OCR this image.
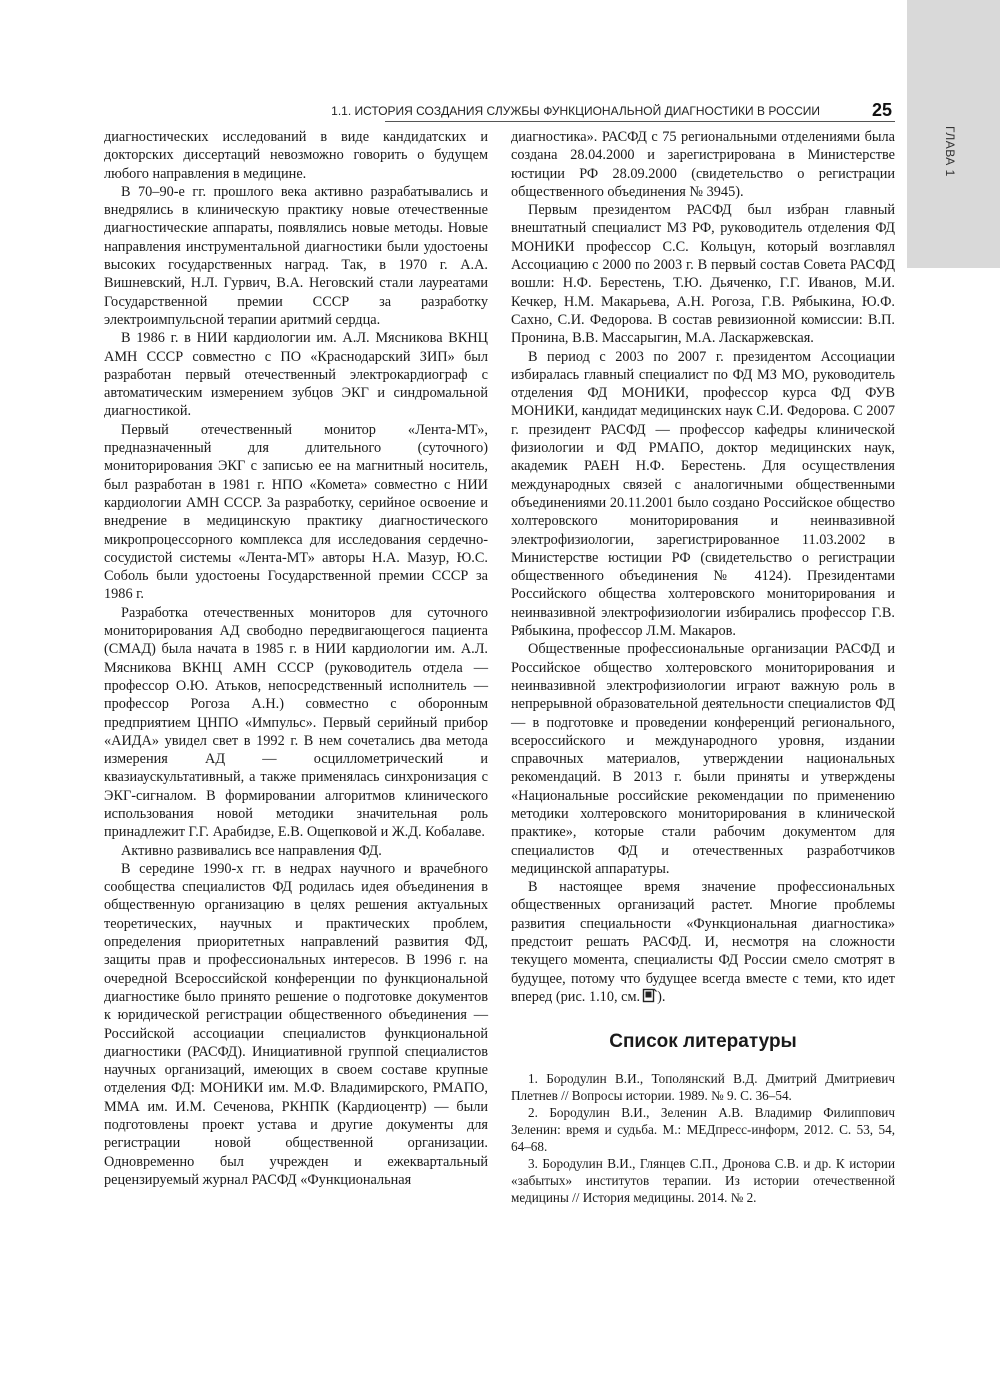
ГЛАВА 1
1.1. ИСТОРИЯ СОЗДАНИЯ СЛУЖБЫ ФУНКЦИОНАЛЬНОЙ ДИАГНОСТИКИ В РОССИИ	25

диагностических исследований в виде кандидатских и докторских диссертаций невозможно говорить о будущем любого направления в медицине.

В 70–90-е гг. прошлого века активно разрабатывались и внедрялись в клиническую практику новые отечественные диагностические аппараты, появлялись новые методы. Новые направления инструментальной диагностики были удостоены высоких государственных наград. Так, в 1970 г. А.А. Вишневский, Н.Л. Гурвич, В.А. Неговский стали лауреатами Государственной премии СССР за разработку электроимпульсной терапии аритмий сердца.

В 1986 г. в НИИ кардиологии им. А.Л. Мясникова ВКНЦ АМН СССР совместно с ПО «Краснодарский ЗИП» был разработан первый отечественный электрокардиограф с автоматическим измерением зубцов ЭКГ и синдромальной диагностикой.

Первый отечественный монитор «Лента-МТ», предназначенный для длительного (суточного) мониторирования ЭКГ с записью ее на магнитный носитель, был разработан в 1981 г. НПО «Комета» совместно с НИИ кардиологии АМН СССР. За разработку, серийное освоение и внедрение в медицинскую практику диагностического микропроцессорного комплекса для исследования сердечно-сосудистой системы «Лента-МТ» авторы Н.А. Мазур, Ю.С. Соболь были удостоены Государственной премии СССР за 1986 г.

Разработка отечественных мониторов для суточного мониторирования АД свободно передвигающегося пациента (СМАД) была начата в 1985 г. в НИИ кардиологии им. А.Л. Мясникова ВКНЦ АМН СССР (руководитель отдела — профессор О.Ю. Атьков, непосредственный исполнитель — профессор Рогоза А.Н.) совместно с оборонным предприятием ЦНПО «Импульс». Первый серийный прибор «АИДА» увидел свет в 1992 г. В нем сочетались два метода измерения АД — осциллометрический и квазиаускультативный, а также применялась синхронизация с ЭКГ-сигналом. В формировании алгоритмов клинического использования новой методики значительная роль принадлежит Г.Г. Арабидзе, Е.В. Ощепковой и Ж.Д. Кобалаве.

Активно развивались все направления ФД.

В середине 1990-х гг. в недрах научного и врачебного сообщества специалистов ФД родилась идея объединения в общественную организацию в целях решения актуальных теоретических, научных и практических проблем, определения приоритетных направлений развития ФД, защиты прав и профессиональных интересов. В 1996 г. на очередной Всероссийской конференции по функциональной диагностике было принято решение о подготовке документов к юридической регистрации общественного объединения — Российской ассоциации специалистов функциональной диагностики (РАСФД). Инициативной группой специалистов научных организаций, имеющих в своем составе крупные отделения ФД: МОНИКИ им. М.Ф. Владимирского, РМАПО, ММА им. И.М. Сеченова, РКНПК (Кардиоцентр) — были подготовлены проект устава и другие документы для регистрации новой общественной организации. Одновременно был учрежден и ежеквартальный рецензируемый журнал РАСФД «Функциональная

диагностика». РАСФД с 75 региональными отделениями была создана 28.04.2000 и зарегистрирована в Министерстве юстиции РФ 28.09.2000 (свидетельство о регистрации общественного объединения № 3945).

Первым президентом РАСФД был избран главный внештатный специалист МЗ РФ, руководитель отделения ФД МОНИКИ профессор С.С. Кольцун, который возглавлял Ассоциацию с 2000 по 2003 г. В первый состав Совета РАСФД вошли: Н.Ф. Берестень, Т.Ю. Дьяченко, Г.Г. Иванов, М.И. Кечкер, Н.М. Макарьева, А.Н. Рогоза, Г.В. Рябыкина, Ю.Ф. Сахно, С.И. Федорова. В состав ревизионной комиссии: В.П. Пронина, В.В. Массарыгин, М.А. Ласкаржевская.

В период с 2003 по 2007 г. президентом Ассоциации избиралась главный специалист по ФД МЗ МО, руководитель отделения ФД МОНИКИ, профессор курса ФД ФУВ МОНИКИ, кандидат медицинских наук С.И. Федорова. С 2007 г. президент РАСФД — профессор кафедры клинической физиологии и ФД РМАПО, доктор медицинских наук, академик РАЕН Н.Ф. Берестень. Для осуществления международных связей с аналогичными общественными объединениями 20.11.2001 было создано Российское общество холтеровского мониторирования и неинвазивной электрофизиологии, зарегистрированное 11.03.2002 в Министерстве юстиции РФ (свидетельство о регистрации общественного объединения № 4124). Президентами Российского общества холтеровского мониторирования и неинвазивной электрофизиологии избирались профессор Г.В. Рябыкина, профессор Л.М. Макаров.

Общественные профессиональные организации РАСФД и Российское общество холтеровского мониторирования и неинвазивной электрофизиологии играют важную роль в непрерывной образовательной деятельности специалистов ФД — в подготовке и проведении конференций регионального, всероссийского и международного уровня, издании справочных материалов, утверждении национальных рекомендаций. В 2013 г. были приняты и утверждены «Национальные российские рекомендации по применению методики холтеровского мониторирования в клинической практике», которые стали рабочим документом для специалистов ФД и отечественных разработчиков медицинской аппаратуры.

В настоящее время значение профессиональных общественных организаций растет. Многие проблемы развития специальности «Функциональная диагностика» предстоит решать РАСФД. И, несмотря на сложности текущего момента, специалисты ФД России смело смотрят в будущее, потому что будущее всегда вместе с теми, кто идет вперед (рис. 1.10, см. ).

Список литературы

1. Бородулин В.И., Тополянский В.Д. Дмитрий Дмитриевич Плетнев // Вопросы истории. 1989. № 9. С. 36–54.

2. Бородулин В.И., Зеленин А.В. Владимир Филиппович Зеленин: время и судьба. М.: МЕДпресс-информ, 2012. С. 53, 54, 64–68.

3. Бородулин В.И., Глянцев С.П., Дронова С.В. и др. К истории «забытых» институтов терапии. Из истории отечественной медицины // История медицины. 2014. № 2.
